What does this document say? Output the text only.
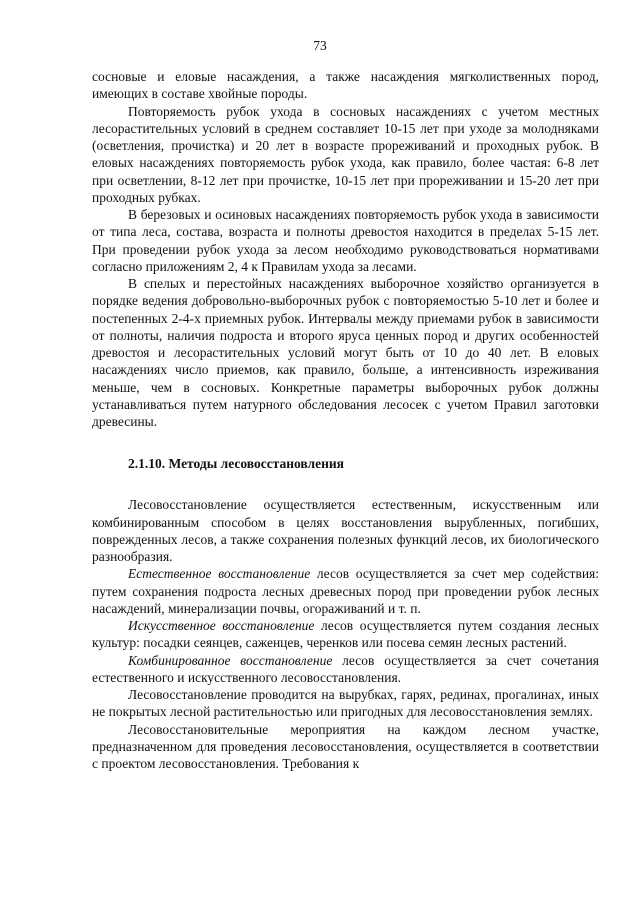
73

сосновые и еловые насаждения, а также насаждения мягколиственных пород, имеющих в составе хвойные породы.

Повторяемость рубок ухода в сосновых насаждениях с учетом местных лесорастительных условий в среднем составляет 10-15 лет при уходе за молодняками (осветления, прочистка) и 20 лет в возрасте прореживаний и проходных рубок. В еловых насаждениях повторяемость рубок ухода, как правило, более частая: 6-8 лет при осветлении, 8-12 лет при прочистке, 10-15 лет при прореживании и 15-20 лет при проходных рубках.

В березовых и осиновых насаждениях повторяемость рубок ухода в зависимости от типа леса, состава, возраста и полноты древостоя находится в пределах 5-15 лет. При проведении рубок ухода за лесом необходимо руководствоваться нормативами согласно приложениям 2, 4 к Правилам ухода за лесами.

В спелых и перестойных насаждениях выборочное хозяйство организуется в порядке ведения добровольно-выборочных рубок с повторяемостью 5-10 лет и более и постепенных 2-4-х приемных рубок. Интервалы между приемами рубок в зависимости от полноты, наличия подроста и второго яруса ценных пород и других особенностей древостоя и лесорастительных условий могут быть от 10 до 40 лет. В еловых насаждениях число приемов, как правило, больше, а интенсивность изреживания меньше, чем в сосновых. Конкретные параметры выборочных рубок должны устанавливаться путем натурного обследования лесосек с учетом Правил заготовки древесины.

2.1.10. Методы лесовосстановления

Лесовосстановление осуществляется естественным, искусственным или комбинированным способом в целях восстановления вырубленных, погибших, поврежденных лесов, а также сохранения полезных функций лесов, их биологического разнообразия.

Естественное восстановление лесов осуществляется за счет мер содействия: путем сохранения подроста лесных древесных пород при проведении рубок лесных насаждений, минерализации почвы, огораживаний и т. п.

Искусственное восстановление лесов осуществляется путем создания лесных культур: посадки сеянцев, саженцев, черенков или посева семян лесных растений.

Комбинированное восстановление лесов осуществляется за счет сочетания естественного и искусственного лесовосстановления.

Лесовосстановление проводится на вырубках, гарях, рединах, прогалинах, иных не покрытых лесной растительностью или пригодных для лесовосстановления землях.

Лесовосстановительные мероприятия на каждом лесном участке, предназначенном для проведения лесовосстановления, осуществляется в соответствии с проектом лесовосстановления. Требования к
